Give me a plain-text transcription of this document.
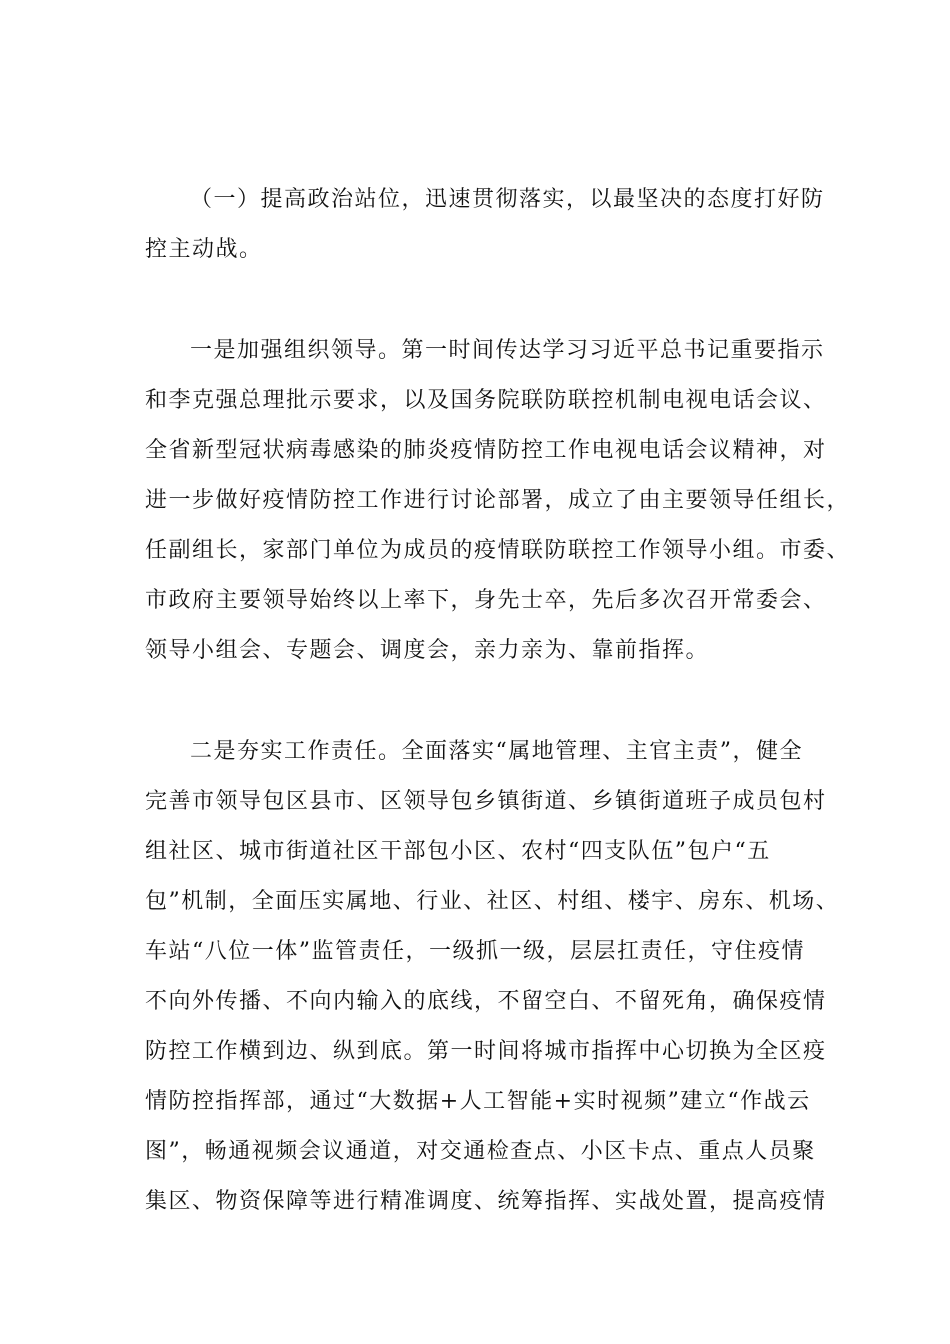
（一）提高政治站位，迅速贯彻落实，以最坚决的态度打好防

控主动战。

一是加强组织领导。第一时间传达学习习近平总书记重要指示

和李克强总理批示要求，以及国务院联防联控机制电视电话会议、

全省新型冠状病毒感染的肺炎疫情防控工作电视电话会议精神，对

进一步做好疫情防控工作进行讨论部署，成立了由主要领导任组长，

任副组长，家部门单位为成员的疫情联防联控工作领导小组。市委、

市政府主要领导始终以上率下，身先士卒，先后多次召开常委会、

领导小组会、专题会、调度会，亲力亲为、靠前指挥。

二是夯实工作责任。全面落实“属地管理、主官主责”，健全

完善市领导包区县市、区领导包乡镇街道、乡镇街道班子成员包村

组社区、城市街道社区干部包小区、农村“四支队伍”包户“五

包”机制，全面压实属地、行业、社区、村组、楼宇、房东、机场、

车站“八位一体”监管责任，一级抓一级，层层扛责任，守住疫情

不向外传播、不向内输入的底线，不留空白、不留死角，确保疫情

防控工作横到边、纵到底。第一时间将城市指挥中心切换为全区疫

情防控指挥部，通过“大数据+人工智能+实时视频”建立“作战云

图”，畅通视频会议通道，对交通检查点、小区卡点、重点人员聚

集区、物资保障等进行精准调度、统筹指挥、实战处置，提高疫情
